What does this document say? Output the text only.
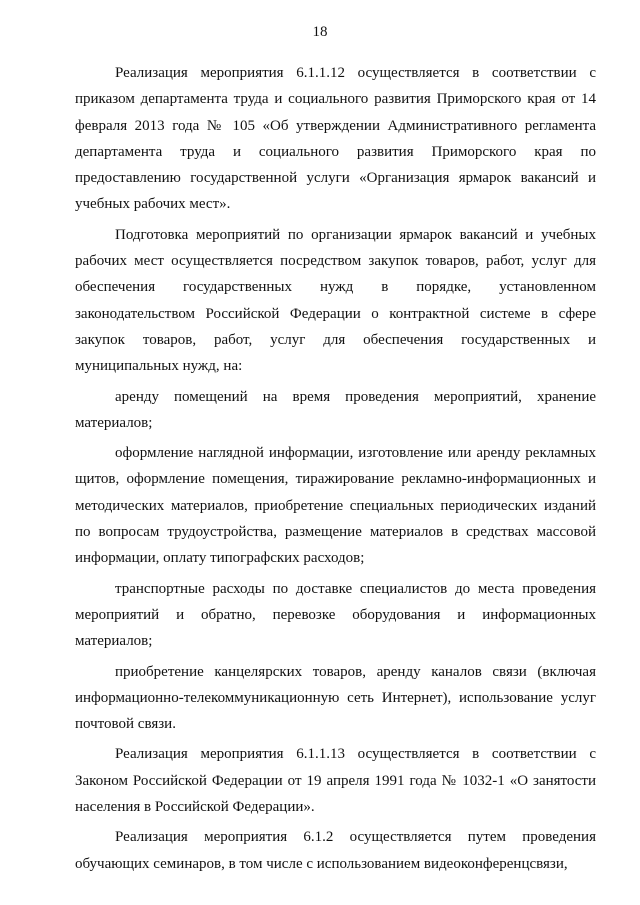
18

Реализация мероприятия 6.1.1.12 осуществляется в соответствии с приказом департамента труда и социального развития Приморского края от 14 февраля 2013 года № 105 «Об утверждении Административного регламента департамента труда и социального развития Приморского края по предоставлению государственной услуги «Организация ярмарок вакансий и учебных рабочих мест».

Подготовка мероприятий по организации ярмарок вакансий и учебных рабочих мест осуществляется посредством закупок товаров, работ, услуг для обеспечения государственных нужд в порядке, установленном законодательством Российской Федерации о контрактной системе в сфере закупок товаров, работ, услуг для обеспечения государственных и муниципальных нужд, на:

аренду помещений на время проведения мероприятий, хранение материалов;

оформление наглядной информации, изготовление или аренду рекламных щитов, оформление помещения, тиражирование рекламно-информационных и методических материалов, приобретение специальных периодических изданий по вопросам трудоустройства, размещение материалов в средствах массовой информации, оплату типографских расходов;

транспортные расходы по доставке специалистов до места проведения мероприятий и обратно, перевозке оборудования и информационных материалов;

приобретение канцелярских товаров, аренду каналов связи (включая информационно-телекоммуникационную сеть Интернет), использование услуг почтовой связи.

Реализация мероприятия 6.1.1.13 осуществляется в соответствии с Законом Российской Федерации от 19 апреля 1991 года № 1032-1 «О занятости населения в Российской Федерации».

Реализация мероприятия 6.1.2 осуществляется путем проведения обучающих семинаров, в том числе с использованием видеоконференцсвязи,
